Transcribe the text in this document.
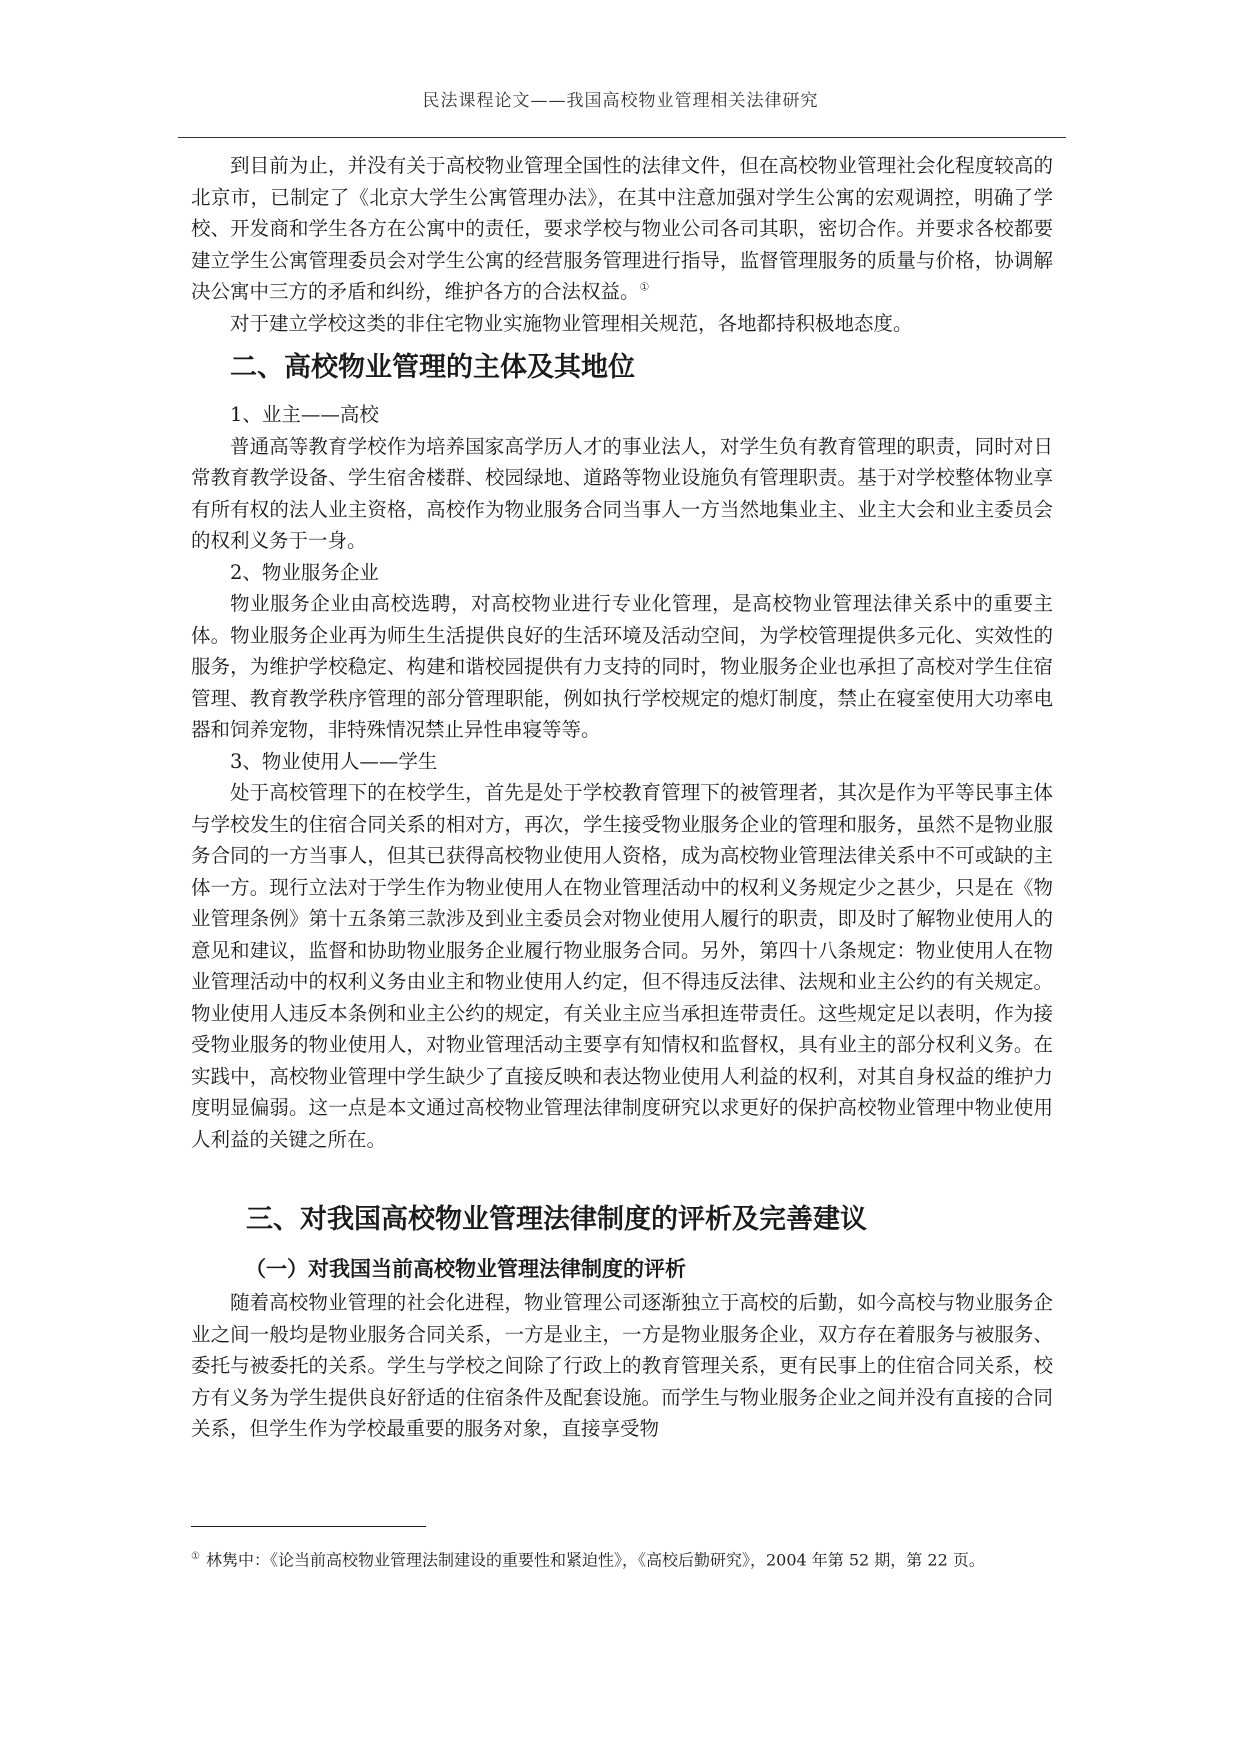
民法课程论文——我国高校物业管理相关法律研究

到目前为止，并没有关于高校物业管理全国性的法律文件，但在高校物业管理社会化程度较高的北京市，已制定了《北京大学生公寓管理办法》，在其中注意加强对学生公寓的宏观调控，明确了学校、开发商和学生各方在公寓中的责任，要求学校与物业公司各司其职，密切合作。并要求各校都要建立学生公寓管理委员会对学生公寓的经营服务管理进行指导，监督管理服务的质量与价格，协调解决公寓中三方的矛盾和纠纷，维护各方的合法权益。①

对于建立学校这类的非住宅物业实施物业管理相关规范，各地都持积极地态度。

二、高校物业管理的主体及其地位

1、业主——高校

普通高等教育学校作为培养国家高学历人才的事业法人，对学生负有教育管理的职责，同时对日常教育教学设备、学生宿舍楼群、校园绿地、道路等物业设施负有管理职责。基于对学校整体物业享有所有权的法人业主资格，高校作为物业服务合同当事人一方当然地集业主、业主大会和业主委员会的权利义务于一身。

2、物业服务企业

物业服务企业由高校选聘，对高校物业进行专业化管理，是高校物业管理法律关系中的重要主体。物业服务企业再为师生生活提供良好的生活环境及活动空间，为学校管理提供多元化、实效性的服务，为维护学校稳定、构建和谐校园提供有力支持的同时，物业服务企业也承担了高校对学生住宿管理、教育教学秩序管理的部分管理职能，例如执行学校规定的熄灯制度，禁止在寝室使用大功率电器和饲养宠物，非特殊情况禁止异性串寝等等。

3、物业使用人——学生

处于高校管理下的在校学生，首先是处于学校教育管理下的被管理者，其次是作为平等民事主体与学校发生的住宿合同关系的相对方，再次，学生接受物业服务企业的管理和服务，虽然不是物业服务合同的一方当事人，但其已获得高校物业使用人资格，成为高校物业管理法律关系中不可或缺的主体一方。现行立法对于学生作为物业使用人在物业管理活动中的权利义务规定少之甚少，只是在《物业管理条例》第十五条第三款涉及到业主委员会对物业使用人履行的职责，即及时了解物业使用人的意见和建议，监督和协助物业服务企业履行物业服务合同。另外，第四十八条规定：物业使用人在物业管理活动中的权利义务由业主和物业使用人约定，但不得违反法律、法规和业主公约的有关规定。物业使用人违反本条例和业主公约的规定，有关业主应当承担连带责任。这些规定足以表明，作为接受物业服务的物业使用人，对物业管理活动主要享有知情权和监督权，具有业主的部分权利义务。在实践中，高校物业管理中学生缺少了直接反映和表达物业使用人利益的权利，对其自身权益的维护力度明显偏弱。这一点是本文通过高校物业管理法律制度研究以求更好的保护高校物业管理中物业使用人利益的关键之所在。

三、对我国高校物业管理法律制度的评析及完善建议
（一）对我国当前高校物业管理法律制度的评析

随着高校物业管理的社会化进程，物业管理公司逐渐独立于高校的后勤，如今高校与物业服务企业之间一般均是物业服务合同关系，一方是业主，一方是物业服务企业，双方存在着服务与被服务、委托与被委托的关系。学生与学校之间除了行政上的教育管理关系，更有民事上的住宿合同关系，校方有义务为学生提供良好舒适的住宿条件及配套设施。而学生与物业服务企业之间并没有直接的合同关系，但学生作为学校最重要的服务对象，直接享受物

① 林隽中：《论当前高校物业管理法制建设的重要性和紧迫性》，《高校后勤研究》，2004 年第 52 期，第 22 页。
